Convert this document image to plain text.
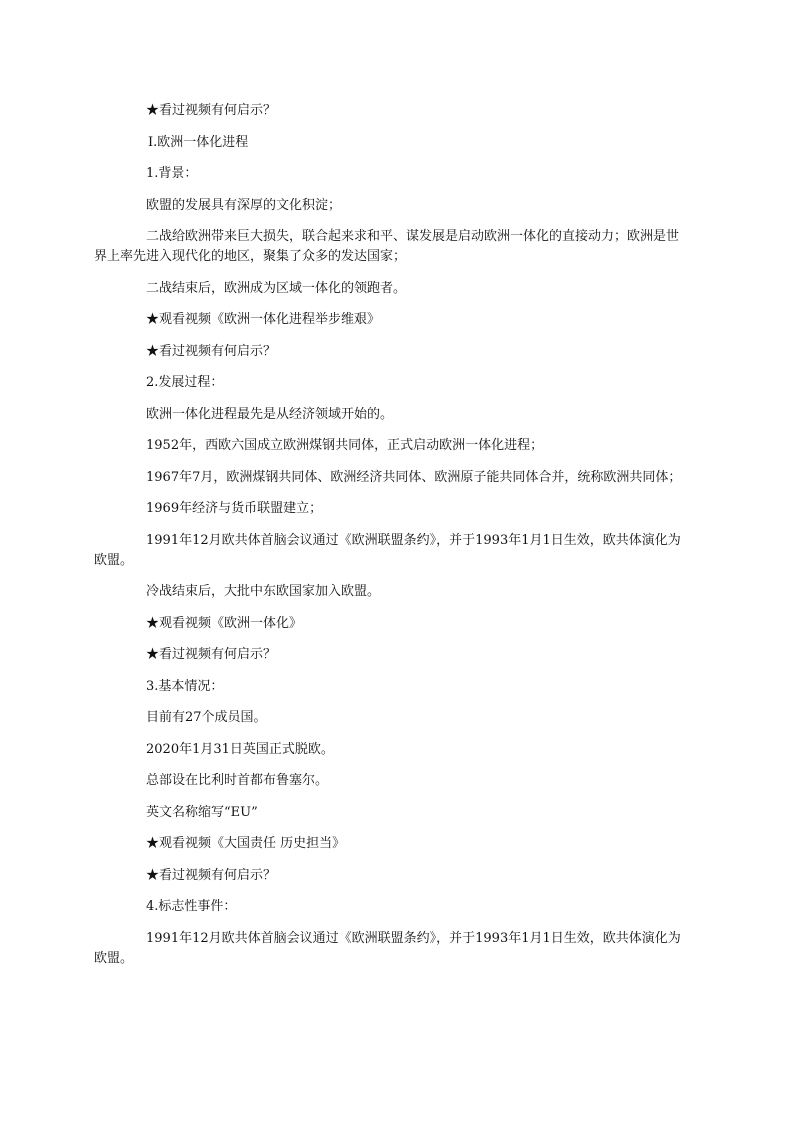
★看过视频有何启示？

Ⅰ.欧洲一体化进程

1.背景：

欧盟的发展具有深厚的文化积淀；

二战给欧洲带来巨大损失，联合起来求和平、谋发展是启动欧洲一体化的直接动力；欧洲是世界上率先进入现代化的地区，聚集了众多的发达国家；

二战结束后，欧洲成为区域一体化的领跑者。

★观看视频《欧洲一体化进程举步维艰》

★看过视频有何启示？

2.发展过程：

欧洲一体化进程最先是从经济领域开始的。

1952年，西欧六国成立欧洲煤钢共同体，正式启动欧洲一体化进程；

1967年7月，欧洲煤钢共同体、欧洲经济共同体、欧洲原子能共同体合并，统称欧洲共同体；

1969年经济与货币联盟建立；

1991年12月欧共体首脑会议通过《欧洲联盟条约》，并于1993年1月1日生效，欧共体演化为欧盟。

冷战结束后，大批中东欧国家加入欧盟。

★观看视频《欧洲一体化》

★看过视频有何启示？

3.基本情况：

目前有27个成员国。

2020年1月31日英国正式脱欧。

总部设在比利时首都布鲁塞尔。

英文名称缩写“EU”

★观看视频《大国责任 历史担当》

★看过视频有何启示？

4.标志性事件：

1991年12月欧共体首脑会议通过《欧洲联盟条约》，并于1993年1月1日生效，欧共体演化为欧盟。
